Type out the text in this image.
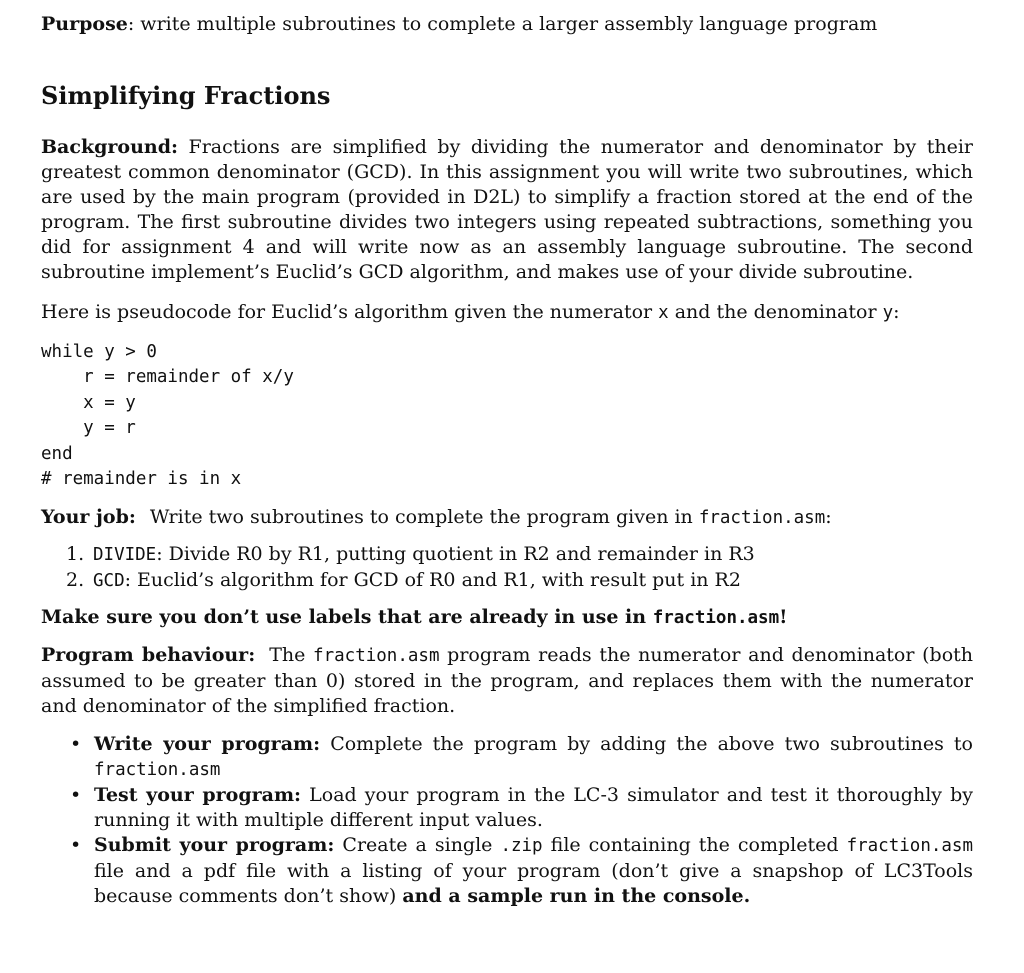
Purpose: write multiple subroutines to complete a larger assembly language program

Simplifying Fractions

Background: Fractions are simplified by dividing the numerator and denominator by their greatest common denominator (GCD). In this assignment you will write two subroutines, which are used by the main program (provided in D2L) to simplify a fraction stored at the end of the program. The first subroutine divides two integers using repeated subtractions, something you did for assignment 4 and will write now as an assembly language subroutine. The second subroutine implement’s Euclid’s GCD algorithm, and makes use of your divide subroutine.

Here is pseudocode for Euclid’s algorithm given the numerator x and the denominator y:

while y > 0
r = remainder of x/y
x = y
y = r
end
# remainder is in x

Your job: Write two subroutines to complete the program given in fraction.asm:

1. DIVIDE: Divide R0 by R1, putting quotient in R2 and remainder in R3
2. GCD: Euclid’s algorithm for GCD of R0 and R1, with result put in R2

Make sure you don’t use labels that are already in use in fraction.asm!

Program behaviour: The fraction.asm program reads the numerator and denominator (both assumed to be greater than 0) stored in the program, and replaces them with the numerator and denominator of the simplified fraction.

• Write your program: Complete the program by adding the above two subroutines to fraction.asm
• Test your program: Load your program in the LC-3 simulator and test it thoroughly by running it with multiple different input values.
• Submit your program: Create a single .zip file containing the completed fraction.asm file and a pdf file with a listing of your program (don’t give a snapshop of LC3Tools because comments don’t show) and a sample run in the console.
